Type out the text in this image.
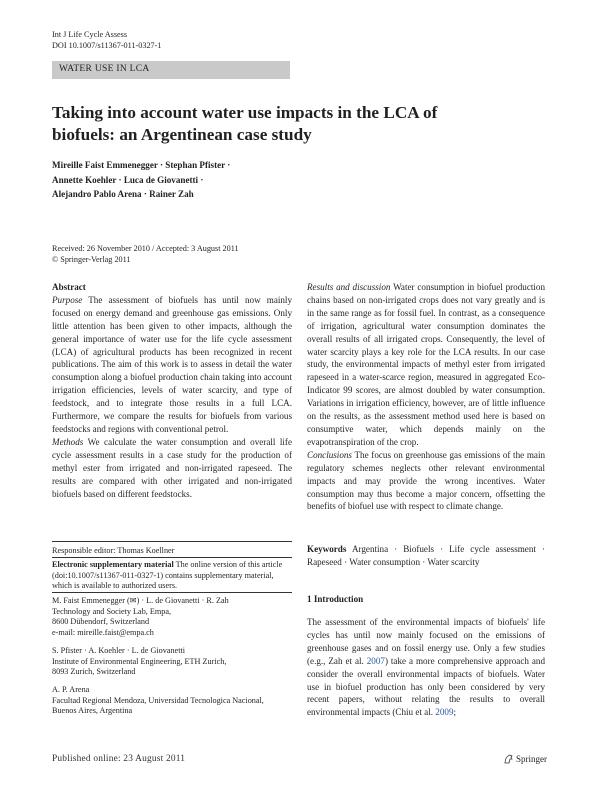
Int J Life Cycle Assess
DOI 10.1007/s11367-011-0327-1
WATER USE IN LCA
Taking into account water use impacts in the LCA of biofuels: an Argentinean case study
Mireille Faist Emmenegger · Stephan Pfister ·
Annette Koehler · Luca de Giovanetti ·
Alejandro Pablo Arena · Rainer Zah
Received: 26 November 2010 / Accepted: 3 August 2011
© Springer-Verlag 2011
Abstract

Purpose The assessment of biofuels has until now mainly focused on energy demand and greenhouse gas emissions. Only little attention has been given to other impacts, although the general importance of water use for the life cycle assessment (LCA) of agricultural products has been recognized in recent publications. The aim of this work is to assess in detail the water consumption along a biofuel production chain taking into account irrigation efficiencies, levels of water scarcity, and type of feedstock, and to integrate those results in a full LCA. Furthermore, we compare the results for biofuels from various feedstocks and regions with conventional petrol.

Methods We calculate the water consumption and overall life cycle assessment results in a case study for the production of methyl ester from irrigated and non-irrigated rapeseed. The results are compared with other irrigated and non-irrigated biofuels based on different feedstocks.

Results and discussion Water consumption in biofuel production chains based on non-irrigated crops does not vary greatly and is in the same range as for fossil fuel. In contrast, as a consequence of irrigation, agricultural water consumption dominates the overall results of all irrigated crops. Consequently, the level of water scarcity plays a key role for the LCA results. In our case study, the environmental impacts of methyl ester from irrigated rapeseed in a water-scarce region, measured in aggregated Eco-Indicator 99 scores, are almost doubled by water consumption. Variations in irrigation efficiency, however, are of little influence on the results, as the assessment method used here is based on consumptive water, which depends mainly on the evapotranspiration of the crop.

Conclusions The focus on greenhouse gas emissions of the main regulatory schemes neglects other relevant environmental impacts and may provide the wrong incentives. Water consumption may thus become a major concern, offsetting the benefits of biofuel use with respect to climate change.

Keywords Argentina · Biofuels · Life cycle assessment · Rapeseed · Water consumption · Water scarcity
1 Introduction
The assessment of the environmental impacts of biofuels' life cycles has until now mainly focused on the emissions of greenhouse gases and on fossil energy use. Only a few studies (e.g., Zah et al. 2007) take a more comprehensive approach and consider the overall environmental impacts of biofuels. Water use in biofuel production has only been considered by very recent papers, without relating the results to overall environmental impacts (Chiu et al. 2009;
Responsible editor: Thomas Koellner
Electronic supplementary material The online version of this article (doi:10.1007/s11367-011-0327-1) contains supplementary material, which is available to authorized users.
M. Faist Emmenegger (✉) · L. de Giovanetti · R. Zah
Technology and Society Lab, Empa,
8600 Dübendorf, Switzerland
e-mail: mireille.faist@empa.ch
S. Pfister · A. Koehler · L. de Giovanetti
Institute of Environmental Engineering, ETH Zurich,
8093 Zurich, Switzerland
A. P. Arena
Facultad Regional Mendoza, Universidad Tecnologica Nacional,
Buenos Aires, Argentina
Published online: 23 August 2011	Springer
